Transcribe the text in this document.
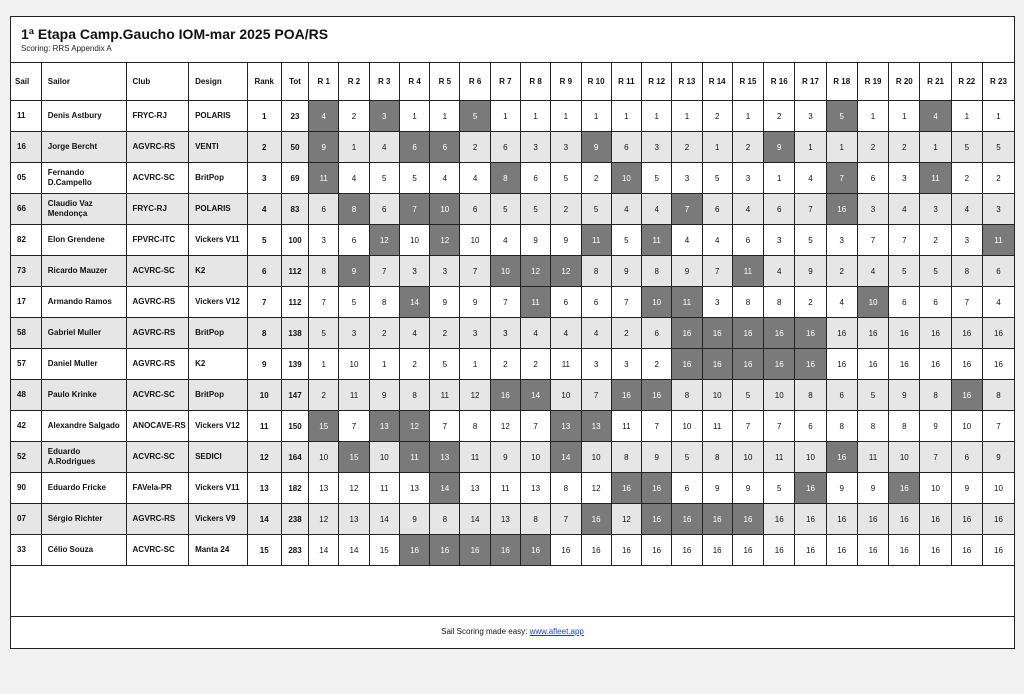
1ª Etapa Camp.Gaucho IOM-mar 2025 POA/RS
Scoring: RRS Appendix A
Sail	Sailor	Club	Design	Rank	Tot	R 1	R 2	R 3	R 4	R 5	R 6	R 7	R 8	R 9	R 10	R 11	R 12	R 13	R 14	R 15	R 16	R 17	R 18	R 19	R 20	R 21	R 22	R 23
11	Denis Astbury	FRYC-RJ	POLARIS	1	23	4	2	3	1	1	5	1	1	1	1	1	1	1	2	1	2	3	5	1	1	4	1	1
16	Jorge Bercht	AGVRC-RS	VENTI	2	50	9	1	4	6	6	2	6	3	3	9	6	3	2	1	2	9	1	1	2	2	1	5	5
05	Fernando D.Campello	ACVRC-SC	BritPop	3	69	11	4	5	5	4	4	8	6	5	2	10	5	3	5	3	1	4	7	6	3	11	2	2
66	Claudio Vaz Mendonça	FRYC-RJ	POLARIS	4	83	6	8	6	7	10	6	5	5	2	5	4	4	7	6	4	6	7	16	3	4	3	4	3
82	Elon Grendene	FPVRC-ITC	Vickers V11	5	100	3	6	12	10	12	10	4	9	9	11	5	11	4	4	6	3	5	3	7	7	2	3	11
73	Ricardo Mauzer	ACVRC-SC	K2	6	112	8	9	7	3	3	7	10	12	12	8	9	8	9	7	11	4	9	2	4	5	5	8	6
17	Armando Ramos	AGVRC-RS	Vickers V12	7	112	7	5	8	14	9	9	7	11	6	6	7	10	11	3	8	8	2	4	10	6	6	7	4
58	Gabriel Muller	AGVRC-RS	BritPop	8	138	5	3	2	4	2	3	3	4	4	4	2	6	16	16	16	16	16	16	16	16	16	16	16
57	Daniel Muller	AGVRC-RS	K2	9	139	1	10	1	2	5	1	2	2	11	3	3	2	16	16	16	16	16	16	16	16	16	16	16
48	Paulo Krinke	ACVRC-SC	BritPop	10	147	2	11	9	8	11	12	16	14	10	7	16	16	8	10	5	10	8	6	5	9	8	16	8
42	Alexandre Salgado	ANOCAVE-RS	Vickers V12	11	150	15	7	13	12	7	8	12	7	13	13	11	7	10	11	7	7	6	8	8	8	9	10	7
52	Eduardo A.Rodrigues	ACVRC-SC	SEDICI	12	164	10	15	10	11	13	11	9	10	14	10	8	9	5	8	10	11	10	16	11	10	7	6	9
90	Eduardo Fricke	FAVela-PR	Vickers V11	13	182	13	12	11	13	14	13	11	13	8	12	16	16	6	9	9	5	16	9	9	16	10	9	10
07	Sérgio Richter	AGVRC-RS	Vickers V9	14	238	12	13	14	9	8	14	13	8	7	16	12	16	16	16	16	16	16	16	16	16	16	16	16
33	Célio Souza	ACVRC-SC	Manta 24	15	283	14	14	15	16	16	16	16	16	16	16	16	16	16	16	16	16	16	16	16	16	16	16	16
Sail Scoring made easy: www.afleet.app
